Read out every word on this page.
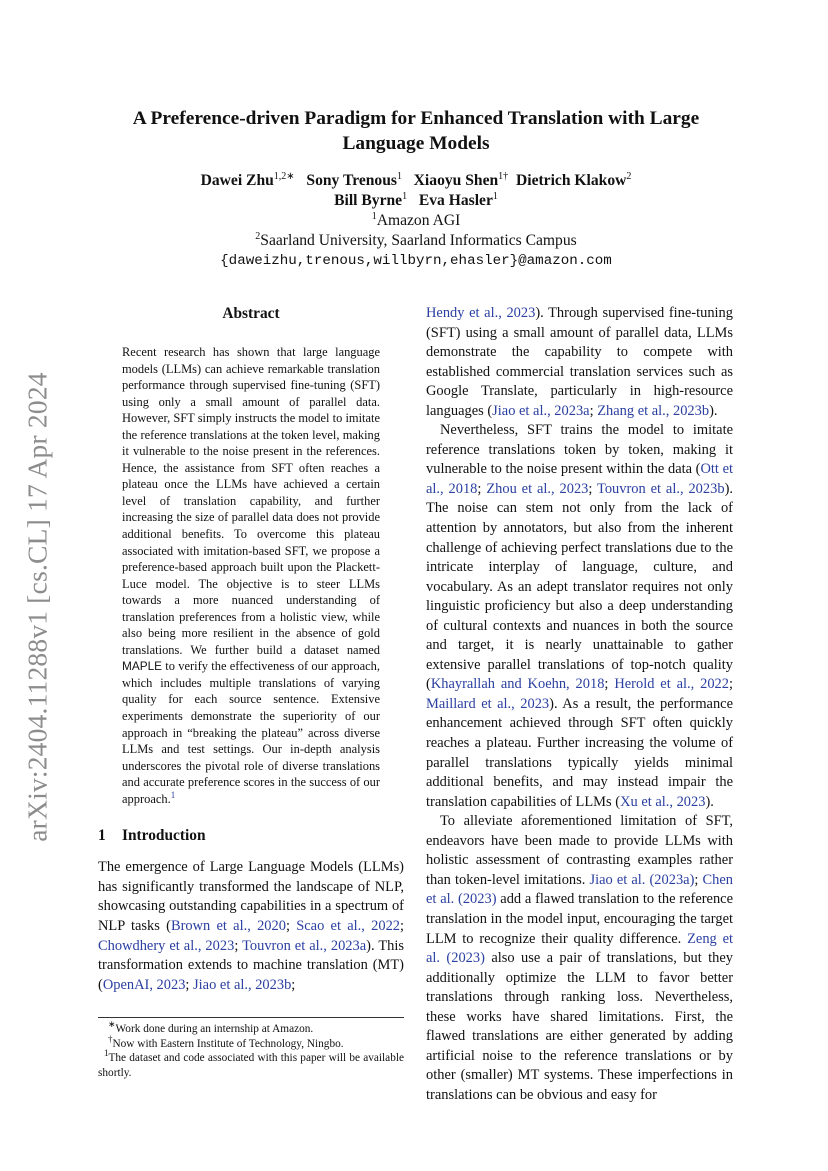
arXiv:2404.11288v1 [cs.CL] 17 Apr 2024
A Preference-driven Paradigm for Enhanced Translation with Large Language Models
Dawei Zhu$^{1,2∗}$ Sony Trenous$^1$ Xiaoyu Shen$^{1\dagger}$ Dietrich Klakow$^2$
Bill Byrne$^1$ Eva Hasler$^1$
$^1$Amazon AGI
$^2$Saarland University, Saarland Informatics Campus
{daweizhu,trenous,willbyrn,ehasler}@amazon.com
Abstract
Recent research has shown that large language models (LLMs) can achieve remarkable translation performance through supervised fine-tuning (SFT) using only a small amount of parallel data. However, SFT simply instructs the model to imitate the reference translations at the token level, making it vulnerable to the noise present in the references. Hence, the assistance from SFT often reaches a plateau once the LLMs have achieved a certain level of translation capability, and further increasing the size of parallel data does not provide additional benefits. To overcome this plateau associated with imitation-based SFT, we propose a preference-based approach built upon the Plackett-Luce model. The objective is to steer LLMs towards a more nuanced understanding of translation preferences from a holistic view, while also being more resilient in the absence of gold translations. We further build a dataset named MAPLE to verify the effectiveness of our approach, which includes multiple translations of varying quality for each source sentence. Extensive experiments demonstrate the superiority of our approach in “breaking the plateau” across diverse LLMs and test settings. Our in-depth analysis underscores the pivotal role of diverse translations and accurate preference scores in the success of our approach.$^1$
1 Introduction

The emergence of Large Language Models (LLMs) has significantly transformed the landscape of NLP, showcasing outstanding capabilities in a spectrum of NLP tasks (Brown et al., 2020; Scao et al., 2022; Chowdhery et al., 2023; Touvron et al., 2023a). This transformation extends to machine translation (MT) (OpenAI, 2023; Jiao et al., 2023b;

∗Work done during an internship at Amazon.
†Now with Eastern Institute of Technology, Ningbo.
$^1$The dataset and code associated with this paper will be available shortly.

Hendy et al., 2023). Through supervised fine-tuning (SFT) using a small amount of parallel data, LLMs demonstrate the capability to compete with established commercial translation services such as Google Translate, particularly in high-resource languages (Jiao et al., 2023a; Zhang et al., 2023b).

Nevertheless, SFT trains the model to imitate reference translations token by token, making it vulnerable to the noise present within the data (Ott et al., 2018; Zhou et al., 2023; Touvron et al., 2023b). The noise can stem not only from the lack of attention by annotators, but also from the inherent challenge of achieving perfect translations due to the intricate interplay of language, culture, and vocabulary. As an adept translator requires not only linguistic proficiency but also a deep understanding of cultural contexts and nuances in both the source and target, it is nearly unattainable to gather extensive parallel translations of top-notch quality (Khayrallah and Koehn, 2018; Herold et al., 2022; Maillard et al., 2023). As a result, the performance enhancement achieved through SFT often quickly reaches a plateau. Further increasing the volume of parallel translations typically yields minimal additional benefits, and may instead impair the translation capabilities of LLMs (Xu et al., 2023).

To alleviate aforementioned limitation of SFT, endeavors have been made to provide LLMs with holistic assessment of contrasting examples rather than token-level imitations. Jiao et al. (2023a); Chen et al. (2023) add a flawed translation to the reference translation in the model input, encouraging the target LLM to recognize their quality difference. Zeng et al. (2023) also use a pair of translations, but they additionally optimize the LLM to favor better translations through ranking loss. Nevertheless, these works have shared limitations. First, the flawed translations are either generated by adding artificial noise to the reference translations or by other (smaller) MT systems. These imperfections in translations can be obvious and easy for
